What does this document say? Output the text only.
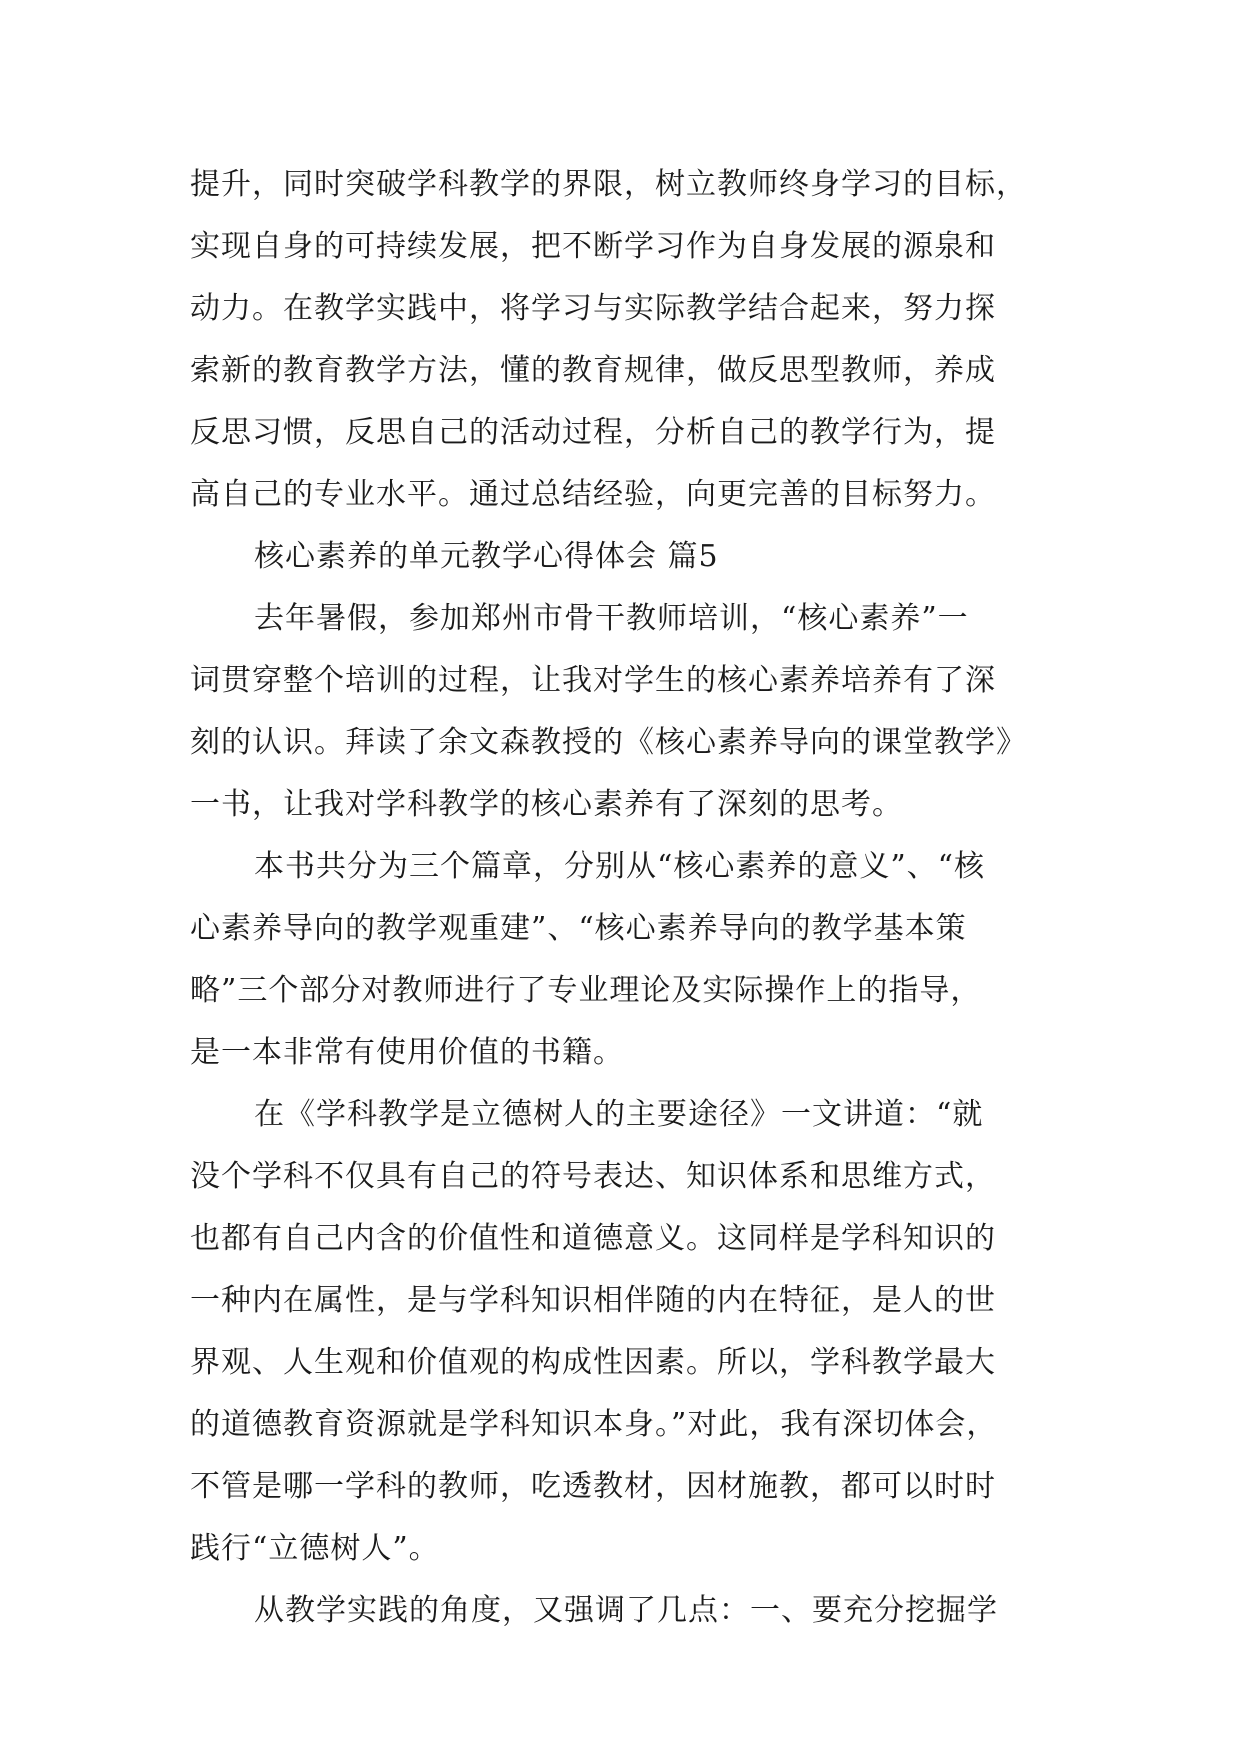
提升，同时突破学科教学的界限，树立教师终身学习的目标，
实现自身的可持续发展，把不断学习作为自身发展的源泉和
动力。在教学实践中，将学习与实际教学结合起来，努力探
索新的教育教学方法，懂的教育规律，做反思型教师，养成
反思习惯，反思自己的活动过程，分析自己的教学行为，提
高自己的专业水平。通过总结经验，向更完善的目标努力。
核心素养的单元教学心得体会 篇5
去年暑假，参加郑州市骨干教师培训，“核心素养”一
词贯穿整个培训的过程，让我对学生的核心素养培养有了深
刻的认识。拜读了余文森教授的《核心素养导向的课堂教学》
一书，让我对学科教学的核心素养有了深刻的思考。
本书共分为三个篇章，分别从“核心素养的意义”、“核
心素养导向的教学观重建”、“核心素养导向的教学基本策
略”三个部分对教师进行了专业理论及实际操作上的指导，
是一本非常有使用价值的书籍。
在《学科教学是立德树人的主要途径》一文讲道：“就
没个学科不仅具有自己的符号表达、知识体系和思维方式，
也都有自己内含的价值性和道德意义。这同样是学科知识的
一种内在属性，是与学科知识相伴随的内在特征，是人的世
界观、人生观和价值观的构成性因素。所以，学科教学最大
的道德教育资源就是学科知识本身。”对此，我有深切体会，
不管是哪一学科的教师，吃透教材，因材施教，都可以时时
践行“立德树人”。
从教学实践的角度，又强调了几点：一、要充分挖掘学
